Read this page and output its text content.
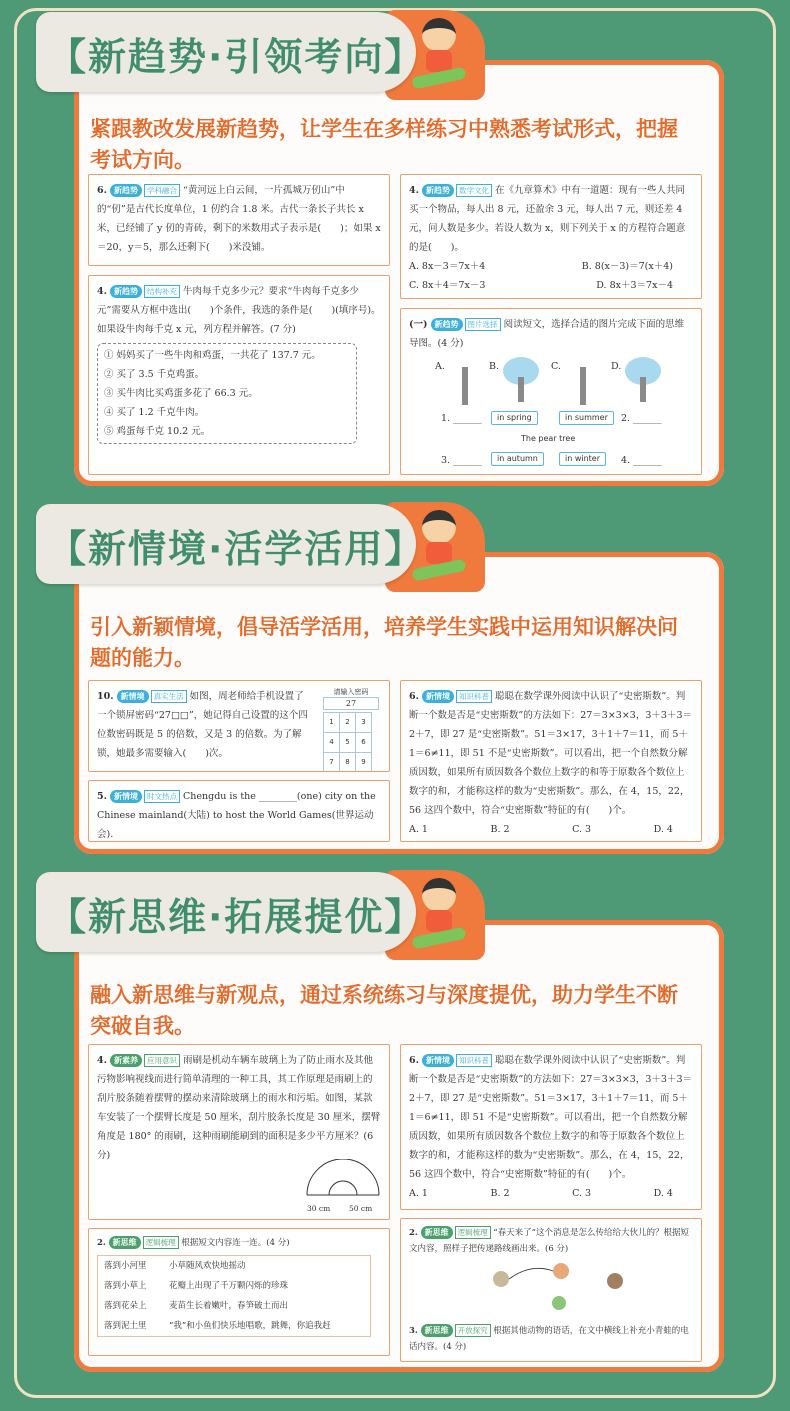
【新趋势·引领考向】
紧跟教改发展新趋势，让学生在多样练习中熟悉考试形式，把握考试方向。
6. 新趋势 学科融合 “黄河远上白云间，一片孤城万仞山”中的“仞”是古代长度单位，1 仞约合 1.8 米。古代一条长子共长 x 米，已经铺了 y 仞的青砖，剩下的米数用式子表示是(　　)；如果 x＝20，y＝5，那么还剩下(　　)米没铺。
4. 新趋势 结构补充 牛肉每千克多少元？要求“牛肉每千克多少元”需要从方框中选出(　　)个条件，我选的条件是(　　)(填序号)。如果设牛肉每千克 x 元，列方程并解答。(7 分)
① 妈妈买了一些牛肉和鸡蛋，一共花了 137.7 元。
② 买了 3.5 千克鸡蛋。
③ 买牛肉比买鸡蛋多花了 66.3 元。
④ 买了 1.2 千克牛肉。
⑤ 鸡蛋每千克 10.2 元。
4. 新趋势 数学文化 在《九章算术》中有一道题：现有一些人共同买一个物品，每人出 8 元，还盈余 3 元，每人出 7 元，则还差 4 元，问人数是多少。若设人数为 x，则下列关于 x 的方程符合题意的是(　　)。
A. 8x－3＝7x＋4	B. 8(x－3)＝7(x＋4)
C. 8x＋4＝7x－3	D. 8x＋3＝7x－4
(一) 新趋势 图片选择 阅读短文，选择合适的图片完成下面的思维导图。(4 分)
A.	B.	C.	D.
1. ______	2. ______
3. ______	4. ______
in spring	in summer
The pear tree
in autumn	in winter
【新情境·活学活用】
引入新颖情境，倡导活学活用，培养学生实践中运用知识解决问题的能力。
10. 新情境 真实生活 如图，周老师给手机设置了一个锁屏密码“27□□”，她记得自己设置的这个四位数密码既是 5 的倍数，又是 3 的倍数。为了解锁，她最多需要输入(　　)次。
请输入密码
27
1	2	3
4	5	6
7	8	9

5. 新情境 时文热点 Chengdu is the ________(one) city on the Chinese mainland(大陆) to host the World Games(世界运动会).
6. 新情境 知识科普 聪聪在数学课外阅读中认识了“史密斯数”。判断一个数是否是“史密斯数”的方法如下：27＝3×3×3，3＋3＋3＝2＋7，即 27 是“史密斯数”。51＝3×17，3＋1＋7＝11，而 5＋1＝6≠11，即 51 不是“史密斯数”。可以看出，把一个自然数分解质因数，如果所有质因数各个数位上数字的和等于原数各个数位上数字的和，才能称这样的数为“史密斯数”。那么，在 4，15，22，56 这四个数中，符合“史密斯数”特征的有(　　)个。
A. 1	B. 2	C. 3	D. 4
【新思维·拓展提优】
融入新思维与新观点，通过系统练习与深度提优，助力学生不断突破自我。
4. 新素养 应用意识 雨刷是机动车辆车玻璃上为了防止雨水及其他污物影响视线而进行简单清理的一种工具，其工作原理是雨刷上的刮片胶条随着摆臂的摆动来清除玻璃上的雨水和污垢。如图，某款车安装了一个摆臂长度是 50 厘米，刮片胶条长度是 30 厘米，摆臂角度是 180° 的雨刷，这种雨刷能刷到的面积是多少平方厘米？(6 分)
30 cm	50 cm
2. 新思维 逻辑梳理 根据短文内容连一连。(4 分)
落到小河里	小草随风欢快地摇动
落到小草上	花瓣上出现了千万颗闪烁的珍珠
落到花朵上	麦苗生长着嫩叶，春笋破土而出
落到泥土里	“我”和小鱼们快乐地唱歌，跳舞，你追我赶
6. 新情境 知识科普 聪聪在数学课外阅读中认识了“史密斯数”。判断一个数是否是“史密斯数”的方法如下：27＝3×3×3，3＋3＋3＝2＋7，即 27 是“史密斯数”。51＝3×17，3＋1＋7＝11，而 5＋1＝6≠11，即 51 不是“史密斯数”。可以看出，把一个自然数分解质因数，如果所有质因数各个数位上数字的和等于原数各个数位上数字的和，才能称这样的数为“史密斯数”。那么，在 4，15，22，56 这四个数中，符合“史密斯数”特征的有(　　)个。
A. 1	B. 2	C. 3	D. 4
2. 新思维 逻辑梳理 “春天来了”这个消息是怎么传给给大伙儿的？根据短文内容，照样子把传递路线画出来。(6 分)
3. 新思维 开放探究 根据其他动物的语话，在文中横线上补充小青蛙的电话内容。(4 分)
